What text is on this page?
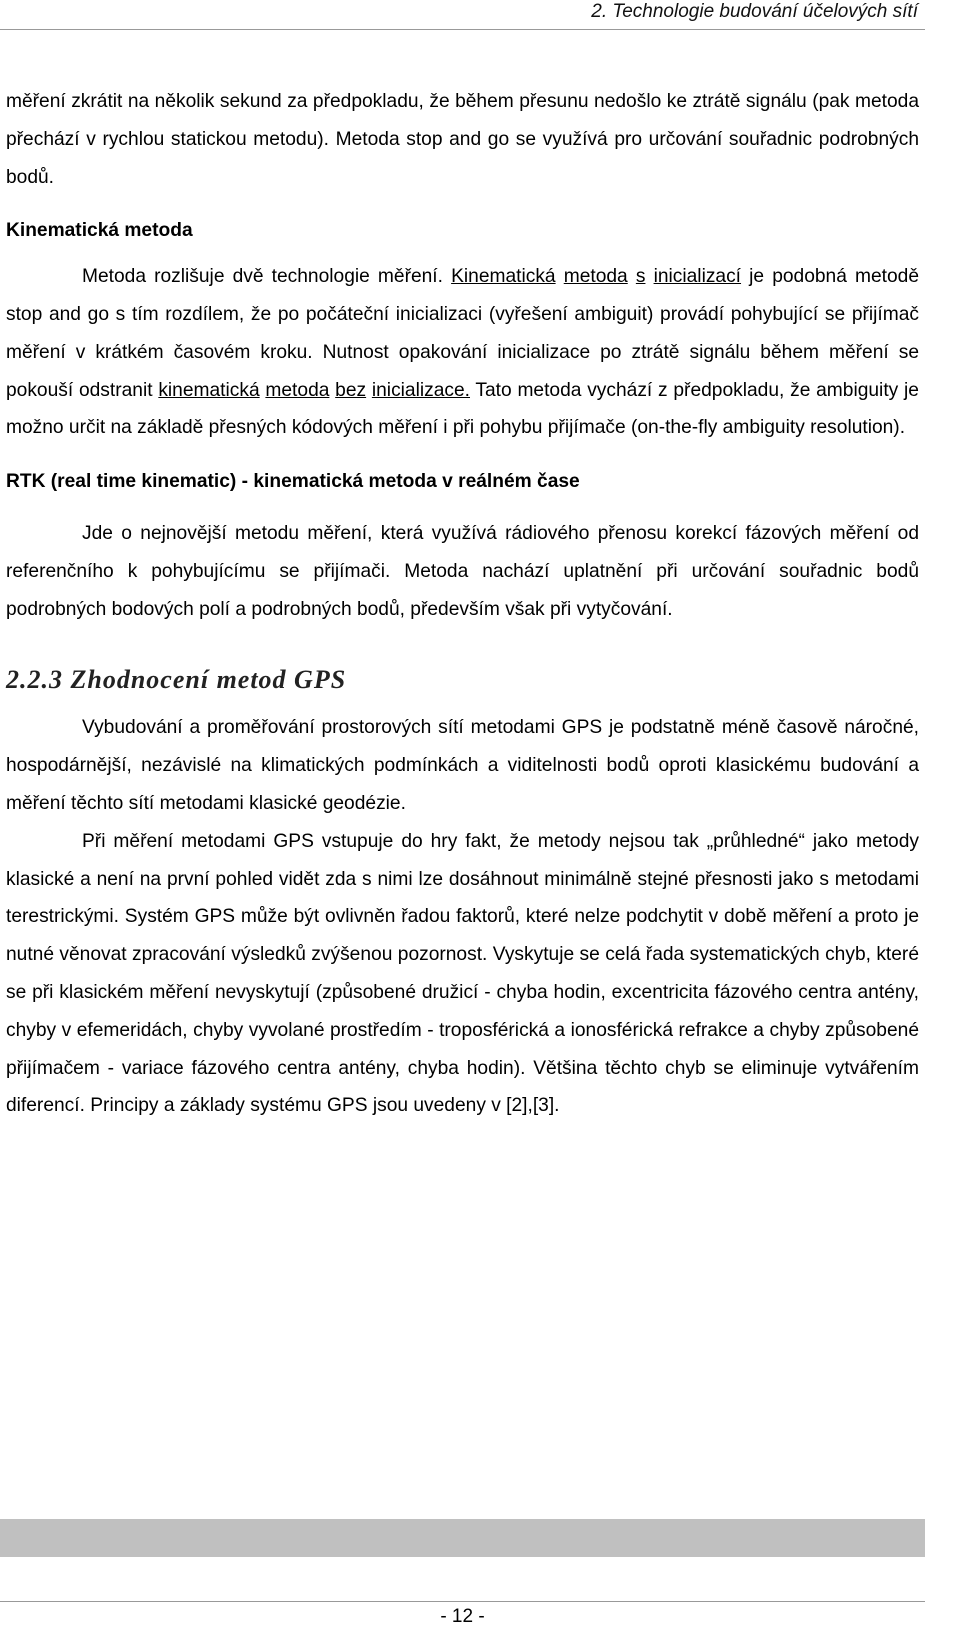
2. Technologie budování účelových sítí

měření zkrátit na několik sekund za předpokladu, že během přesunu nedošlo ke ztrátě signálu (pak metoda přechází v rychlou statickou metodu). Metoda stop and go se využívá pro určování souřadnic podrobných bodů.

Kinematická metoda

Metoda rozlišuje dvě technologie měření. Kinematická metoda s inicializací je podobná metodě stop and go s tím rozdílem, že po počáteční inicializaci (vyřešení ambiguit) provádí pohybující se přijímač měření v krátkém časovém kroku. Nutnost opakování inicializace po ztrátě signálu během měření se pokouší odstranit kinematická metoda bez inicializace. Tato metoda vychází z předpokladu, že ambiguity je možno určit na základě přesných kódových měření i při pohybu přijímače (on-the-fly ambiguity resolution).

RTK (real time kinematic) - kinematická metoda v reálném čase

Jde o nejnovější metodu měření, která využívá rádiového přenosu korekcí fázových měření od referenčního k pohybujícímu se přijímači. Metoda nachází uplatnění při určování souřadnic bodů podrobných bodových polí a podrobných bodů, především však při vytyčování.

2.2.3 Zhodnocení metod GPS

Vybudování a proměřování prostorových sítí metodami GPS je podstatně méně časově náročné, hospodárnější, nezávislé na klimatických podmínkách a viditelnosti bodů oproti klasickému budování a měření těchto sítí metodami klasické geodézie.

Při měření metodami GPS vstupuje do hry fakt, že metody nejsou tak „průhledné“ jako metody klasické a není na první pohled vidět zda s nimi lze dosáhnout minimálně stejné přesnosti jako s metodami terestrickými. Systém GPS může být ovlivněn řadou faktorů, které nelze podchytit v době měření a proto je nutné věnovat zpracování výsledků zvýšenou pozornost. Vyskytuje se celá řada systematických chyb, které se při klasickém měření nevyskytují (způsobené družicí - chyba hodin, excentricita fázového centra antény, chyby v efemeridách, chyby vyvolané prostředím - troposférická a ionosférická refrakce a chyby způsobené přijímačem - variace fázového centra antény, chyba hodin). Většina těchto chyb se eliminuje vytvářením diferencí. Principy a základy systému GPS jsou uvedeny v [2],[3].

- 12 -
